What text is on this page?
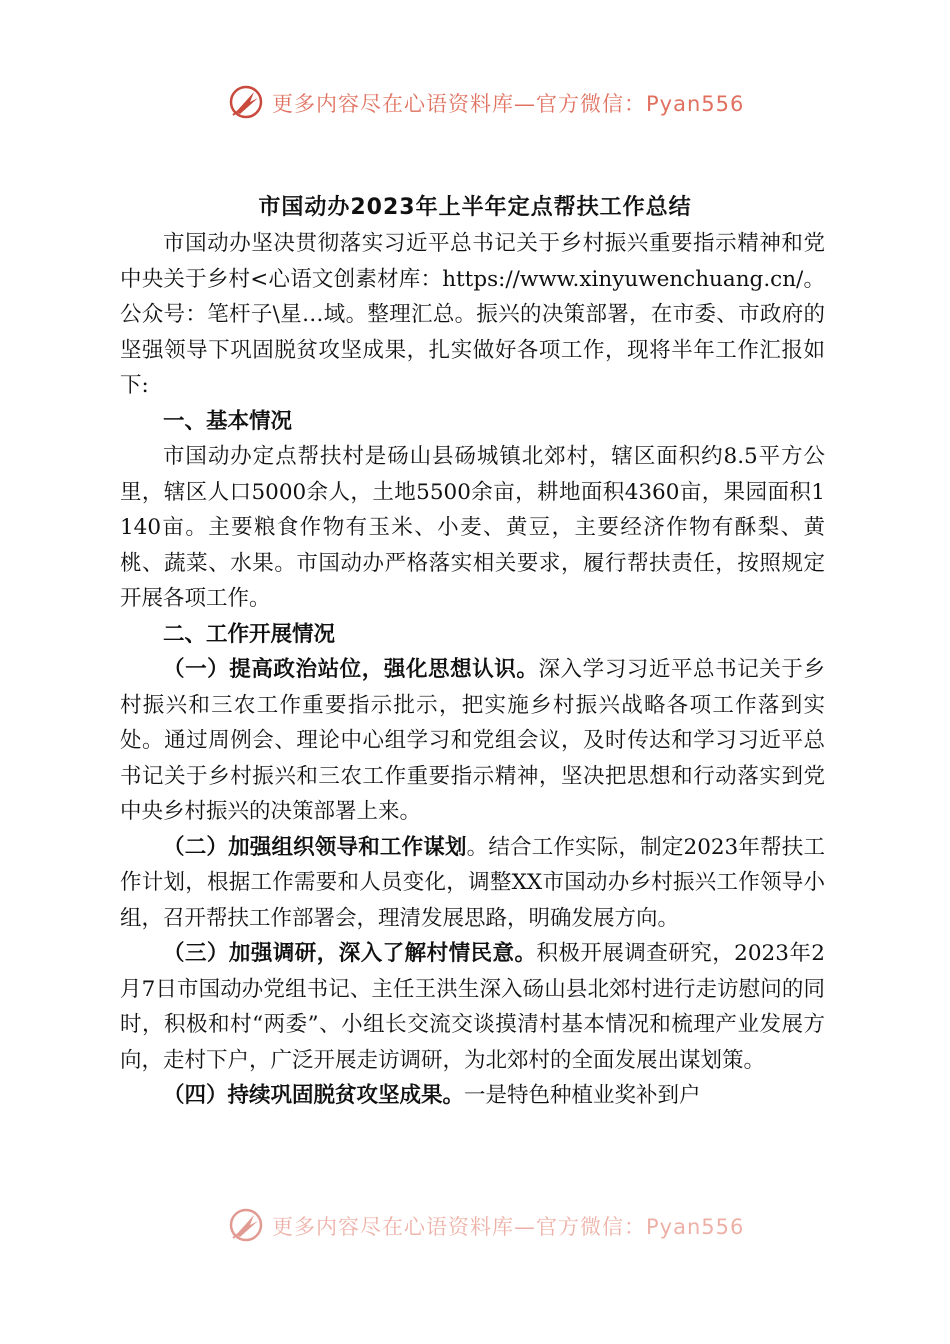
更多内容尽在心语资料库—官方微信：Pyan556
市国动办2023年上半年定点帮扶工作总结

市国动办坚决贯彻落实习近平总书记关于乡村振兴重要指示精神和党中央关于乡村<心语文创素材库：https://www.xinyuwenchuang.cn/。公众号：笔杆子\星…域。整理汇总。振兴的决策部署，在市委、市政府的坚强领导下巩固脱贫攻坚成果，扎实做好各项工作，现将半年工作汇报如下:

一、基本情况

市国动办定点帮扶村是砀山县砀城镇北郊村，辖区面积约8.5平方公里，辖区人口5000余人，土地5500余亩，耕地面积4360亩，果园面积1140亩。主要粮食作物有玉米、小麦、黄豆，主要经济作物有酥梨、黄桃、蔬菜、水果。市国动办严格落实相关要求，履行帮扶责任，按照规定开展各项工作。

二、工作开展情况

（一）提高政治站位，强化思想认识。深入学习习近平总书记关于乡村振兴和三农工作重要指示批示，把实施乡村振兴战略各项工作落到实处。通过周例会、理论中心组学习和党组会议，及时传达和学习习近平总书记关于乡村振兴和三农工作重要指示精神，坚决把思想和行动落实到党中央乡村振兴的决策部署上来。

（二）加强组织领导和工作谋划。结合工作实际，制定2023年帮扶工作计划，根据工作需要和人员变化，调整XX市国动办乡村振兴工作领导小组，召开帮扶工作部署会，理清发展思路，明确发展方向。

（三）加强调研，深入了解村情民意。积极开展调查研究，2023年2月7日市国动办党组书记、主任王洪生深入砀山县北郊村进行走访慰问的同时，积极和村“两委”、小组长交流交谈摸清村基本情况和梳理产业发展方向，走村下户，广泛开展走访调研，为北郊村的全面发展出谋划策。

（四）持续巩固脱贫攻坚成果。一是特色种植业奖补到户

更多内容尽在心语资料库—官方微信：Pyan556
